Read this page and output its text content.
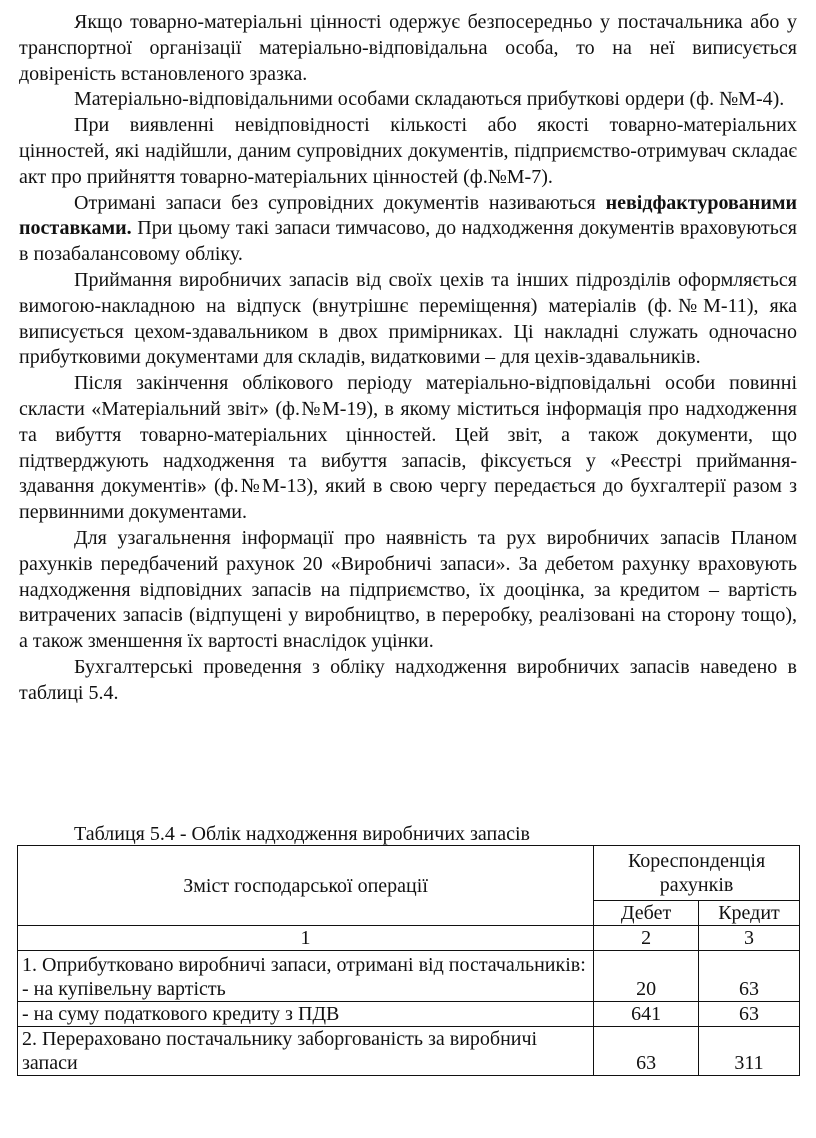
Якщо товарно-матеріальні цінності одержує безпосередньо у постачальника або у транспортної організації матеріально-відповідальна особа, то на неї виписується довіреність встановленого зразка.

Матеріально-відповідальними особами складаються прибуткові ордери (ф. №М-4).

При виявленні невідповідності кількості або якості товарно-матеріальних цінностей, які надійшли, даним супровідних документів, підприємство-отримувач складає акт про прийняття товарно-матеріальних цінностей (ф.№М-7).

Отримані запаси без супровідних документів називаються невідфактурованими поставками. При цьому такі запаси тимчасово, до надходження документів враховуються в позабалансовому обліку.

Приймання виробничих запасів від своїх цехів та інших підрозділів оформляється вимогою-накладною на відпуск (внутрішнє переміщення) матеріалів (ф.№М-11), яка виписується цехом-здавальником в двох примірниках. Ці накладні служать одночасно прибутковими документами для складів, видатковими – для цехів-здавальників.

Після закінчення облікового періоду матеріально-відповідальні особи повинні скласти «Матеріальний звіт» (ф.№М-19), в якому міститься інформація про надходження та вибуття товарно-матеріальних цінностей. Цей звіт, а також документи, що підтверджують надходження та вибуття запасів, фіксується у «Реєстрі приймання-здавання документів» (ф.№М-13), який в свою чергу передається до бухгалтерії разом з первинними документами.

Для узагальнення інформації про наявність та рух виробничих запасів Планом рахунків передбачений рахунок 20 «Виробничі запаси». За дебетом рахунку враховують надходження відповідних запасів на підприємство, їх дооцінка, за кредитом – вартість витрачених запасів (відпущені у виробництво, в переробку, реалізовані на сторону тощо), а також зменшення їх вартості внаслідок уцінки.

Бухгалтерські проведення з обліку надходження виробничих запасів наведено в таблиці 5.4.

Таблиця 5.4 - Облік надходження виробничих запасів
Зміст господарської операції	Кореспонденція рахунків	
	Дебет	Кредит
1	2	3

1. Оприбутковано виробничі запаси, отримані від постачальників:
- на купівельну вартість	20	63
- на суму податкового кредиту з ПДВ	641	63
2. Перераховано постачальнику заборгованість за виробничі запаси	63	311
